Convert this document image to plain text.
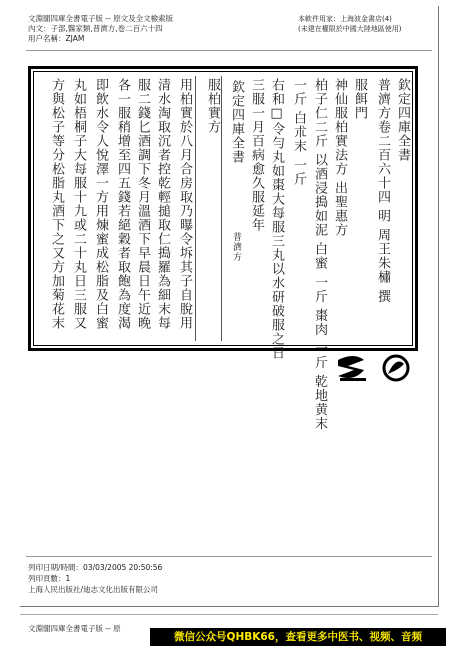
文淵閣四庫全書電子版 -- 原文及全文檢索版
內文：子部,醫家類,普濟方,卷二百六十四
用户名稱：ZJAM
本軟件用家：上海波金書店(4)
(未建在權限於中國大陸地區使用)
列印日期/時間：03/03/2005 20:50:56
列印頁數：1
上海人民出版社/迪志文化出版有限公司
欽定四庫全書
普濟方卷二百六十四 明 周王朱橚 撰
服餌門
神仙服柏實法方 出聖惠方
柏子仁二斤 以酒浸搗如泥 白蜜 一斤 棗肉 一斤 乾地黄末
一斤 白朮末 一斤
右和□令勻丸如棗大每服三丸以水研破服之日
三服一月百病愈久服延年
欽定四庫全書
普濟方
服柏實方
用柏實於八月合房取乃曝令坼其子自脫用
清水淘取沉者控乾輕搥取仁搗羅為細末每
服二錢匕酒調下冬月溫酒下早晨日午近晚
各一服稍增至四五錢若絕穀者取飽為度渴
即飲水令人悅澤一方用煉蜜成松脂及白蜜
丸如梧桐子大每服十九或二十丸日三服又
方與松子等分松脂丸酒下之又方加菊花末
文淵閣四庫全書電子版 -- 原
微信公众号QHBK66，查看更多中医书、视频、音频
